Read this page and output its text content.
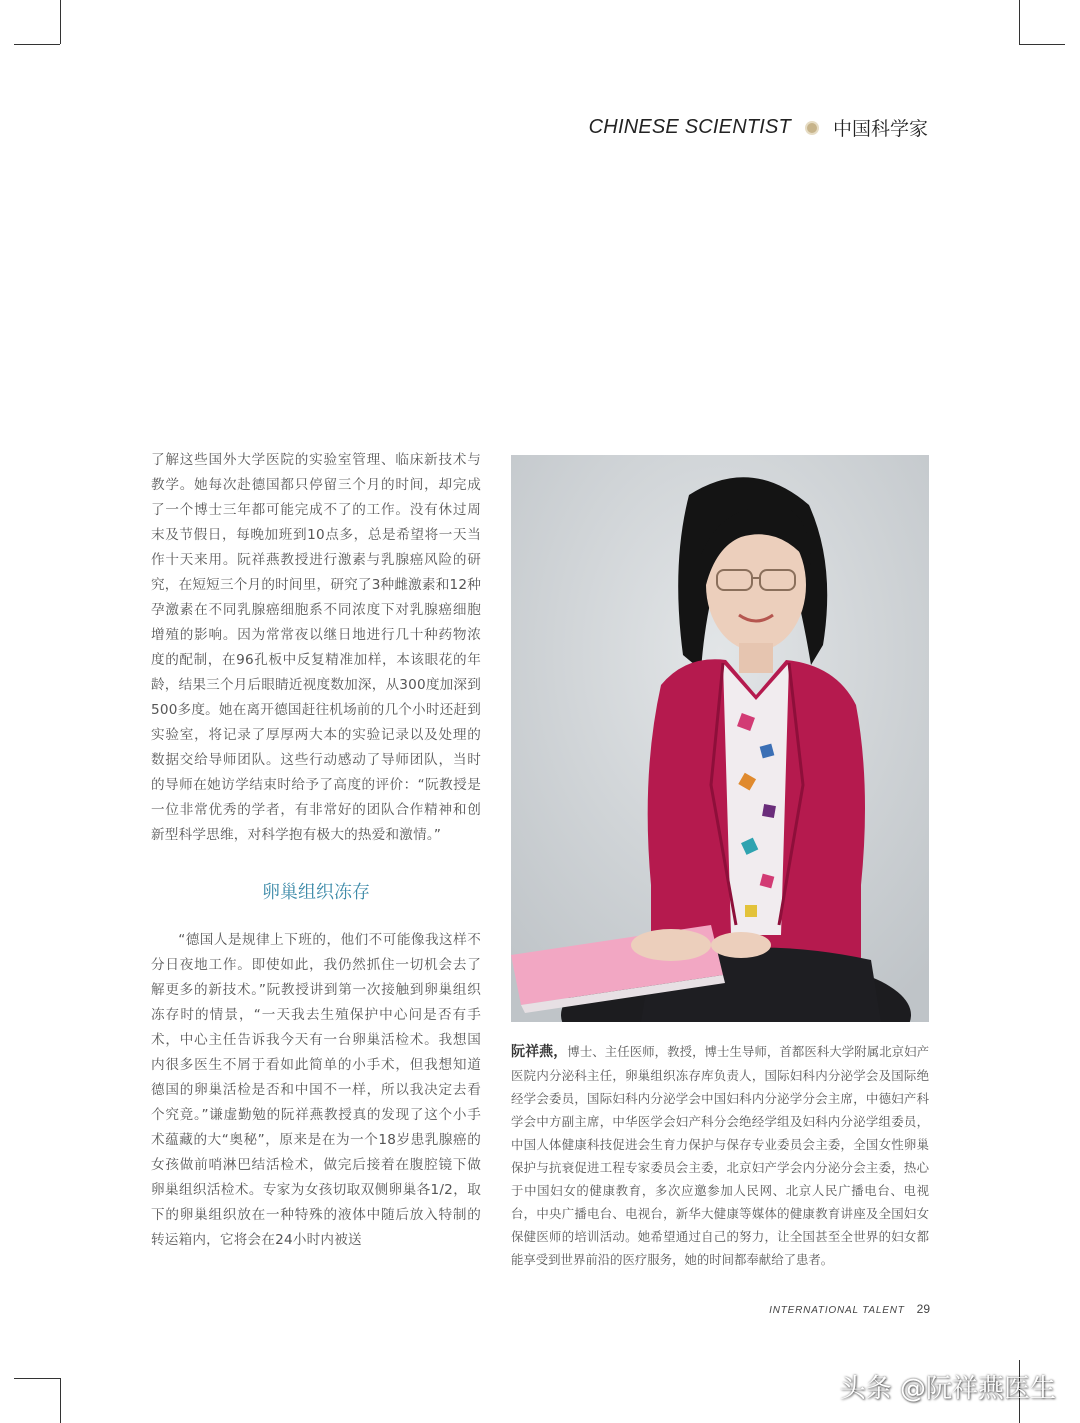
CHINESE SCIENTIST 中国科学家

了解这些国外大学医院的实验室管理、临床新技术与教学。她每次赴德国都只停留三个月的时间，却完成了一个博士三年都可能完成不了的工作。没有休过周末及节假日，每晚加班到10点多，总是希望将一天当作十天来用。阮祥燕教授进行激素与乳腺癌风险的研究，在短短三个月的时间里，研究了3种雌激素和12种孕激素在不同乳腺癌细胞系不同浓度下对乳腺癌细胞增殖的影响。因为常常夜以继日地进行几十种药物浓度的配制，在96孔板中反复精准加样，本该眼花的年龄，结果三个月后眼睛近视度数加深，从300度加深到500多度。她在离开德国赶往机场前的几个小时还赶到实验室，将记录了厚厚两大本的实验记录以及处理的数据交给导师团队。这些行动感动了导师团队，当时的导师在她访学结束时给予了高度的评价：“阮教授是一位非常优秀的学者，有非常好的团队合作精神和创新型科学思维，对科学抱有极大的热爱和激情。”

卵巢组织冻存

“德国人是规律上下班的，他们不可能像我这样不分日夜地工作。即使如此，我仍然抓住一切机会去了解更多的新技术。”阮教授讲到第一次接触到卵巢组织冻存时的情景，“一天我去生殖保护中心问是否有手术，中心主任告诉我今天有一台卵巢活检术。我想国内很多医生不屑于看如此简单的小手术，但我想知道德国的卵巢活检是否和中国不一样，所以我决定去看个究竟。”谦虚勤勉的阮祥燕教授真的发现了这个小手术蕴藏的大“奥秘”，原来是在为一个18岁患乳腺癌的女孩做前哨淋巴结活检术，做完后接着在腹腔镜下做卵巢组织活检术。专家为女孩切取双侧卵巢各1/2，取下的卵巢组织放在一种特殊的液体中随后放入特制的转运箱内，它将会在24小时内被送

阮祥燕，博士、主任医师，教授，博士生导师，首都医科大学附属北京妇产医院内分泌科主任，卵巢组织冻存库负责人，国际妇科内分泌学会及国际绝经学会委员，国际妇科内分泌学会中国妇科内分泌学分会主席，中德妇产科学会中方副主席，中华医学会妇产科分会绝经学组及妇科内分泌学组委员，中国人体健康科技促进会生育力保护与保存专业委员会主委，全国女性卵巢保护与抗衰促进工程专家委员会主委，北京妇产学会内分泌分会主委，热心于中国妇女的健康教育，多次应邀参加人民网、北京人民广播电台、电视台，中央广播电台、电视台，新华大健康等媒体的健康教育讲座及全国妇女保健医师的培训活动。她希望通过自己的努力，让全国甚至全世界的妇女都能享受到世界前沿的医疗服务，她的时间都奉献给了患者。

INTERNATIONAL TALENT 29
头条 @阮祥燕医生
